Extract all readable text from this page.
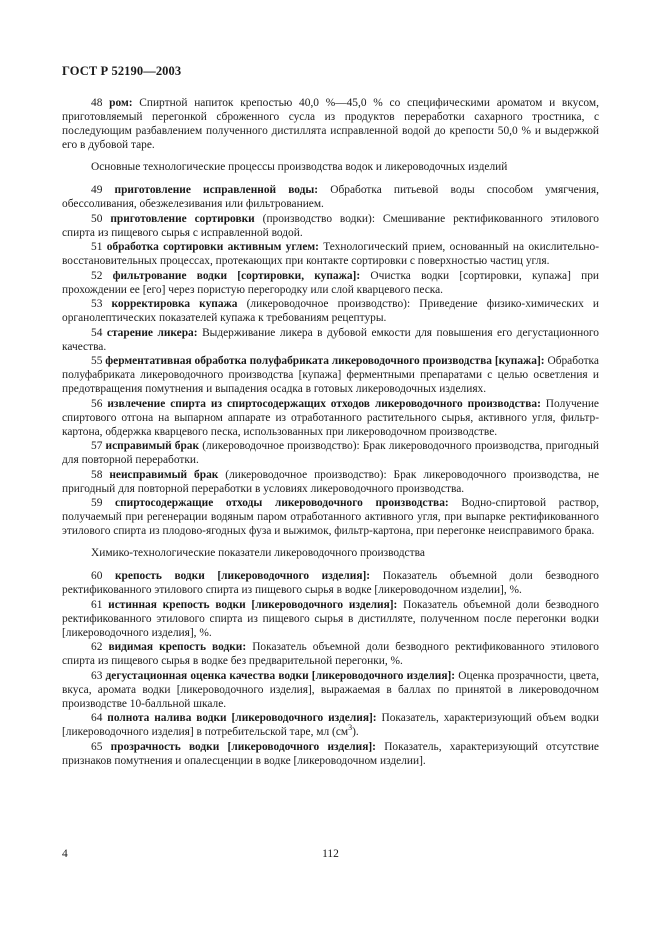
ГОСТ Р 52190—2003

48 ром: Спиртной напиток крепостью 40,0 %—45,0 % со специфическими ароматом и вкусом, приготовляемый перегонкой сброженного сусла из продуктов переработки сахарного тростника, с последующим разбавлением полученного дистиллята исправленной водой до крепости 50,0 % и выдержкой его в дубовой таре.

Основные технологические процессы производства водок и ликероводочных изделий

49 приготовление исправленной воды: Обработка питьевой воды способом умягчения, обессоливания, обезжелезивания или фильтрованием.

50 приготовление сортировки (производство водки): Смешивание ректификованного этилового спирта из пищевого сырья с исправленной водой.

51 обработка сортировки активным углем: Технологический прием, основанный на окислительно-восстановительных процессах, протекающих при контакте сортировки с поверхностью частиц угля.

52 фильтрование водки [сортировки, купажа]: Очистка водки [сортировки, купажа] при прохождении ее [его] через пористую перегородку или слой кварцевого песка.

53 корректировка купажа (ликероводочное производство): Приведение физико-химических и органолептических показателей купажа к требованиям рецептуры.

54 старение ликера: Выдерживание ликера в дубовой емкости для повышения его дегустационного качества.

55 ферментативная обработка полуфабриката ликероводочного производства [купажа]: Обработка полуфабриката ликероводочного производства [купажа] ферментными препаратами с целью осветления и предотвращения помутнения и выпадения осадка в готовых ликероводочных изделиях.

56 извлечение спирта из спиртосодержащих отходов ликероводочного производства: Получение спиртового отгона на выпарном аппарате из отработанного растительного сырья, активного угля, фильтр-картона, обдержка кварцевого песка, использованных при ликероводочном производстве.

57 исправимый брак (ликероводочное производство): Брак ликероводочного производства, пригодный для повторной переработки.

58 неисправимый брак (ликероводочное производство): Брак ликероводочного производства, не пригодный для повторной переработки в условиях ликероводочного производства.

59 спиртосодержащие отходы ликероводочного производства: Водно-спиртовой раствор, получаемый при регенерации водяным паром отработанного активного угля, при выпарке ректификованного этилового спирта из плодово-ягодных фуза и выжимок, фильтр-картона, при перегонке неисправимого брака.

Химико-технологические показатели ликероводочного производства

60 крепость водки [ликероводочного изделия]: Показатель объемной доли безводного ректификованного этилового спирта из пищевого сырья в водке [ликероводочном изделии], %.

61 истинная крепость водки [ликероводочного изделия]: Показатель объемной доли безводного ректификованного этилового спирта из пищевого сырья в дистилляте, полученном после перегонки водки [ликероводочного изделия], %.

62 видимая крепость водки: Показатель объемной доли безводного ректификованного этилового спирта из пищевого сырья в водке без предварительной перегонки, %.

63 дегустационная оценка качества водки [ликероводочного изделия]: Оценка прозрачности, цвета, вкуса, аромата водки [ликероводочного изделия], выражаемая в баллах по принятой в ликероводочном производстве 10-балльной шкале.

64 полнота налива водки [ликероводочного изделия]: Показатель, характеризующий объем водки [ликероводочного изделия] в потребительской таре, мл $(см^3)$.

65 прозрачность водки [ликероводочного изделия]: Показатель, характеризующий отсутствие признаков помутнения и опалесценции в водке [ликероводочном изделии].

4	112
